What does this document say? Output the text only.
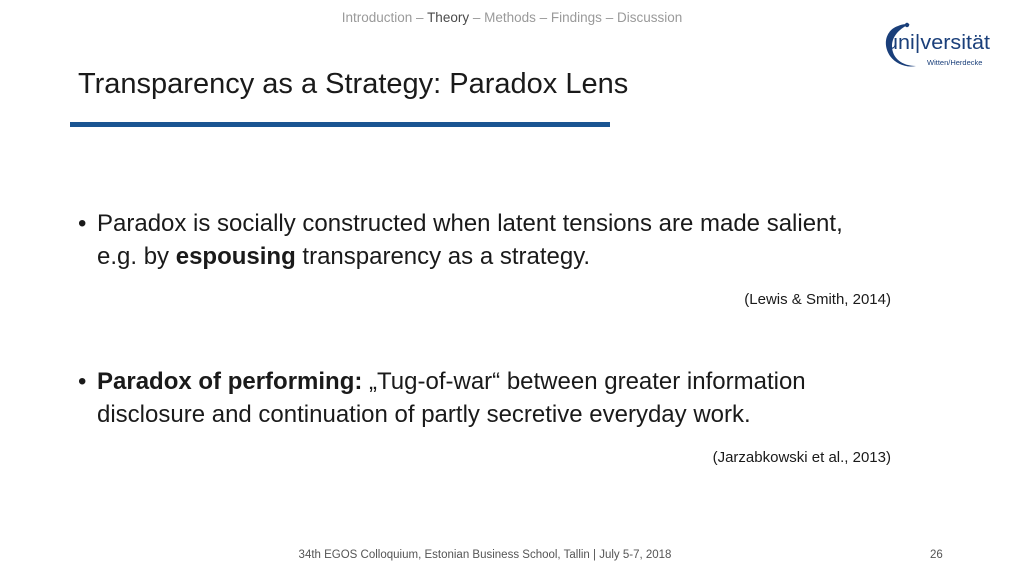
Introduction – Theory – Methods – Findings – Discussion
uni|versität
Witten/Herdecke
Transparency as a Strategy: Paradox Lens
• Paradox is socially constructed when latent tensions are made salient, e.g. by espousing transparency as a strategy.
(Lewis & Smith, 2014)
• Paradox of performing: „Tug-of-war“ between greater information disclosure and continuation of partly secretive everyday work.
(Jarzabkowski et al., 2013)
34th EGOS Colloquium, Estonian Business School, Tallin | July 5-7, 2018	26
